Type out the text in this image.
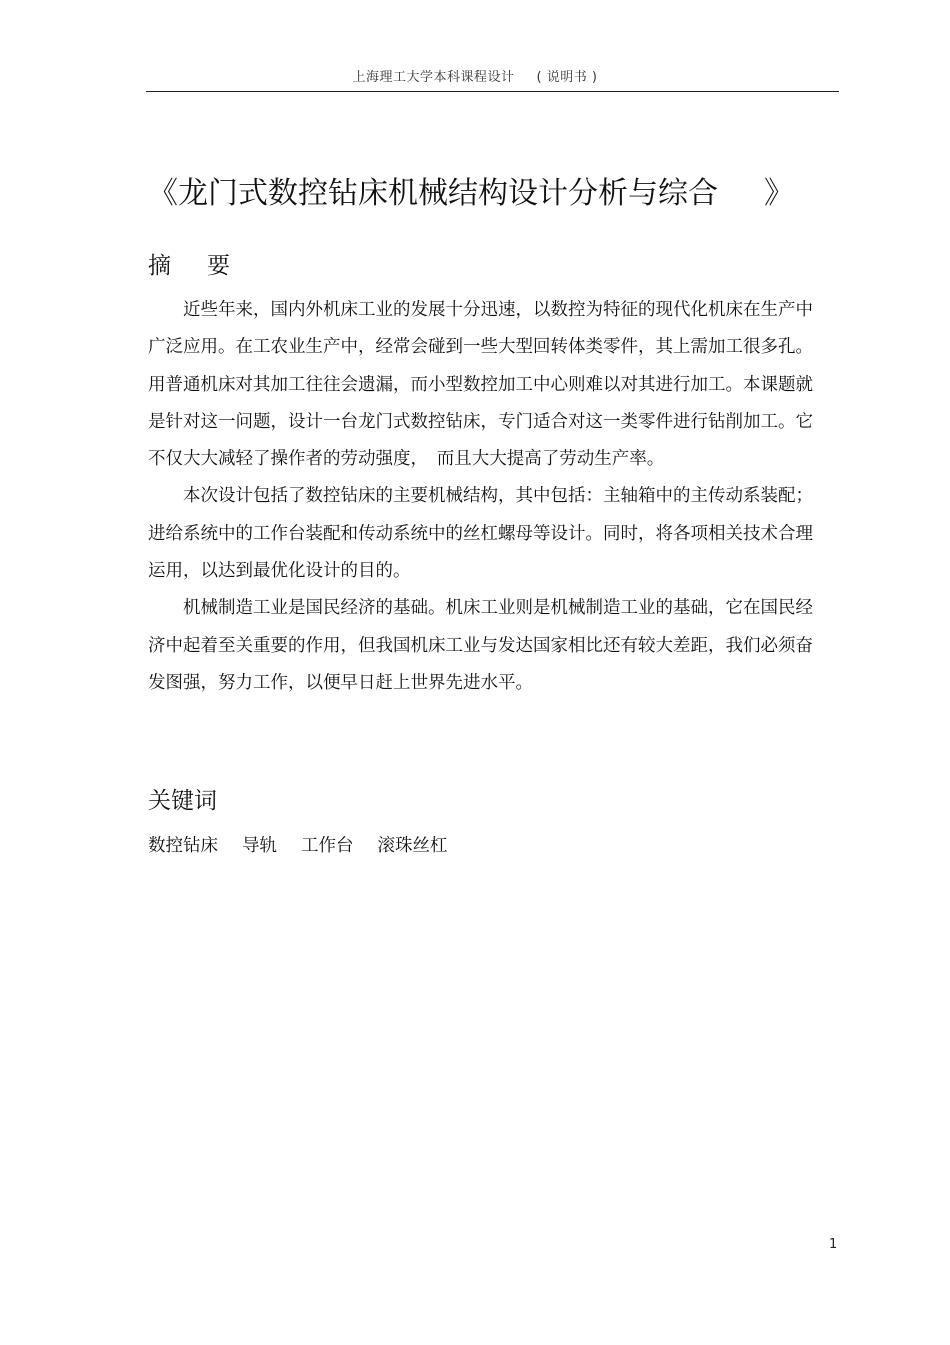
上海理工大学本科课程设计 ( 说明书 )
《龙门式数控钻床机械结构设计分析与综合 》
摘要

近些年来，国内外机床工业的发展十分迅速，以数控为特征的现代化机床在生产中广泛应用。在工农业生产中，经常会碰到一些大型回转体类零件，其上需加工很多孔。用普通机床对其加工往往会遗漏，而小型数控加工中心则难以对其进行加工。本课题就是针对这一问题，设计一台龙门式数控钻床，专门适合对这一类零件进行钻削加工。它不仅大大减轻了操作者的劳动强度，　而且大大提高了劳动生产率。

本次设计包括了数控钻床的主要机械结构，其中包括：主轴箱中的主传动系装配；进给系统中的工作台装配和传动系统中的丝杠螺母等设计。同时，将各项相关技术合理运用，以达到最优化设计的目的。

机械制造工业是国民经济的基础。机床工业则是机械制造工业的基础，它在国民经济中起着至关重要的作用，但我国机床工业与发达国家相比还有较大差距，我们必须奋发图强，努力工作，以便早日赶上世界先进水平。

关键词
数控钻床 导轨 工作台 滚珠丝杠
1
